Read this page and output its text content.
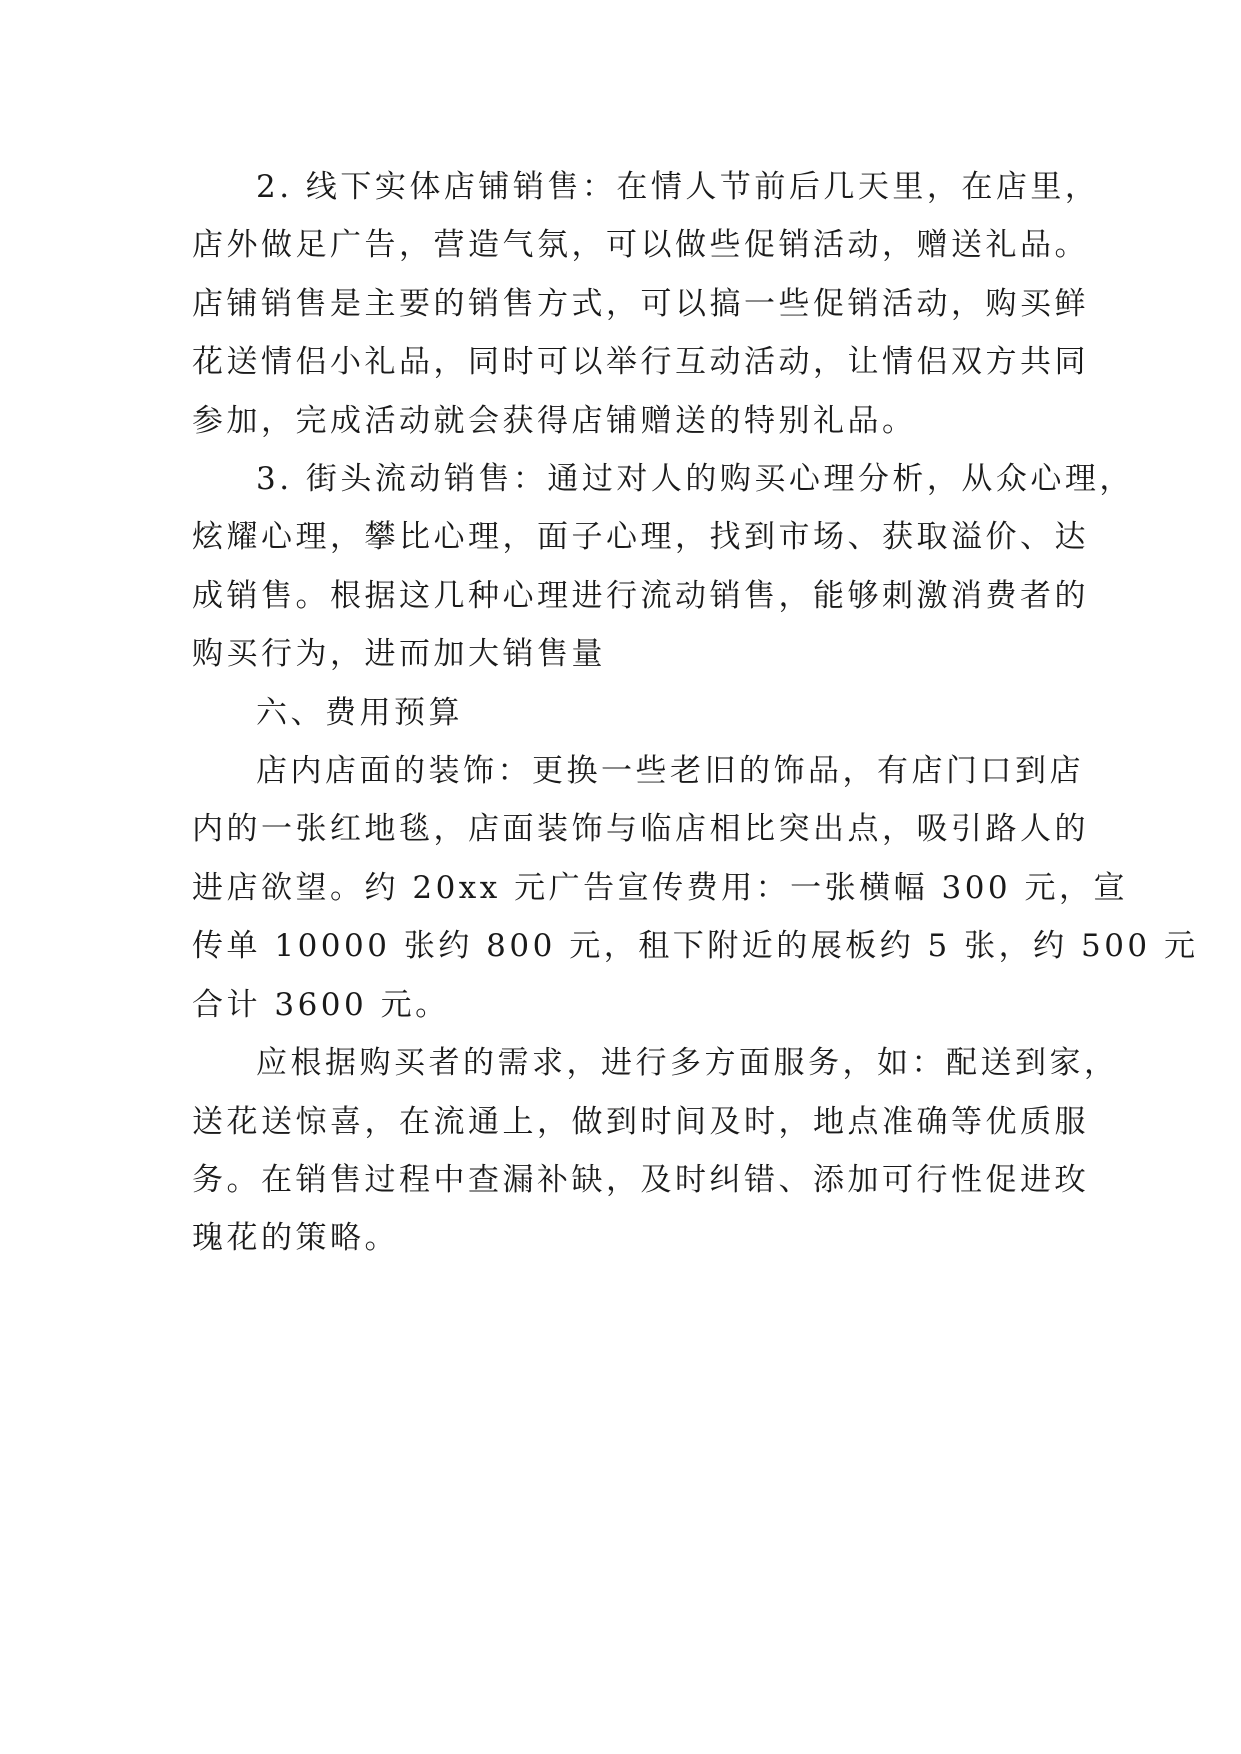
2. 线下实体店铺销售：在情人节前后几天里，在店里，
店外做足广告，营造气氛，可以做些促销活动，赠送礼品。
店铺销售是主要的销售方式，可以搞一些促销活动，购买鲜
花送情侣小礼品，同时可以举行互动活动，让情侣双方共同
参加，完成活动就会获得店铺赠送的特别礼品。
3. 街头流动销售：通过对人的购买心理分析，从众心理，
炫耀心理，攀比心理，面子心理，找到市场、获取溢价、达
成销售。根据这几种心理进行流动销售，能够刺激消费者的
购买行为，进而加大销售量
六、费用预算
店内店面的装饰：更换一些老旧的饰品，有店门口到店
内的一张红地毯，店面装饰与临店相比突出点，吸引路人的
进店欲望。约 20xx 元广告宣传费用：一张横幅 300 元，宣
传单 10000 张约 800 元，租下附近的展板约 5 张，约 500 元
合计 3600 元。
应根据购买者的需求，进行多方面服务，如：配送到家，
送花送惊喜，在流通上，做到时间及时，地点准确等优质服
务。在销售过程中查漏补缺，及时纠错、添加可行性促进玫
瑰花的策略。
